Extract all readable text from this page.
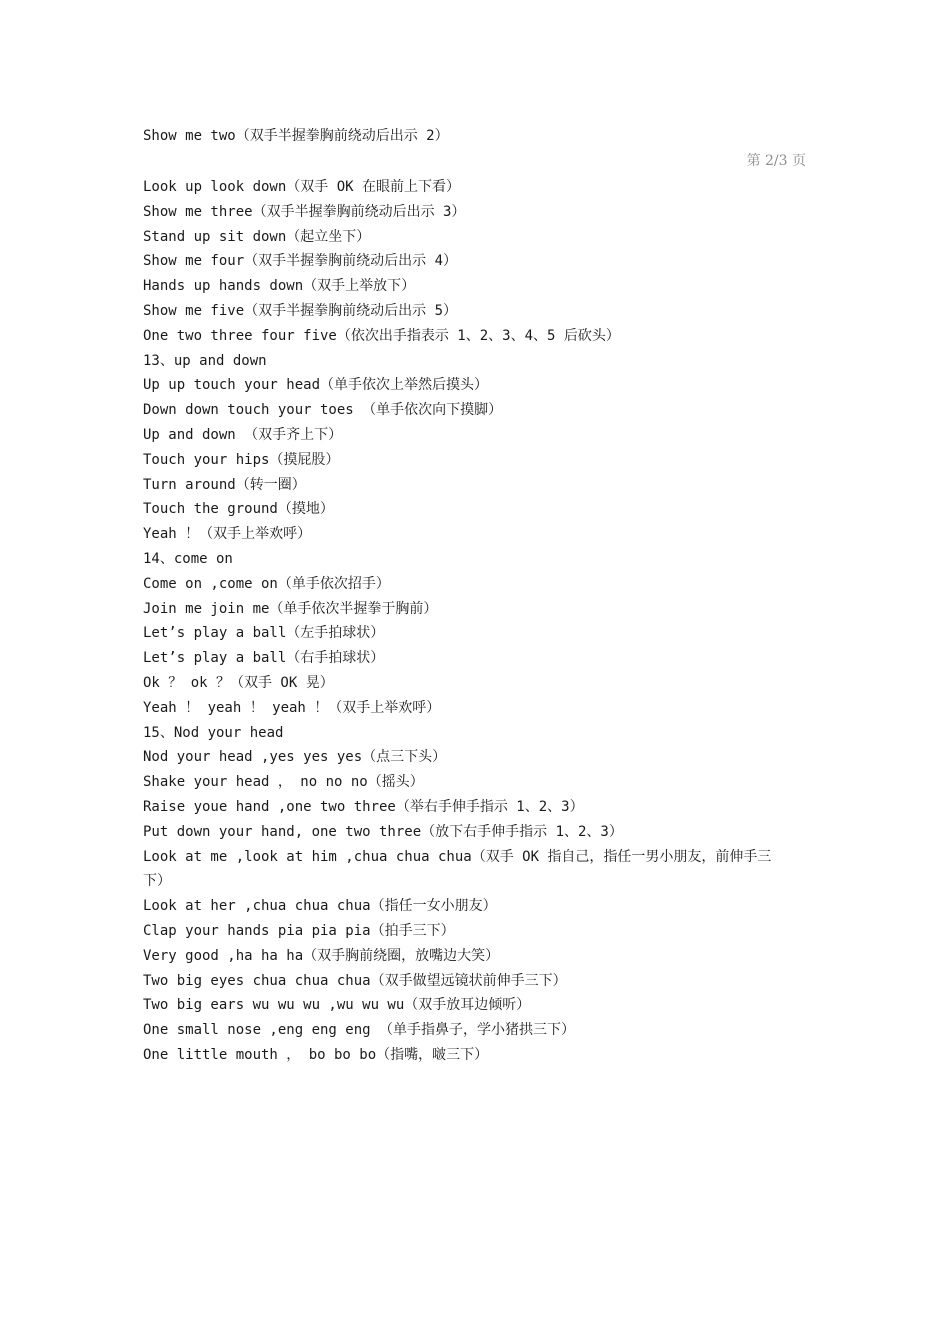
Show me two（双手半握拳胸前绕动后出示 2）
第 2/3 页
Look up look down（双手 OK 在眼前上下看）
Show me three（双手半握拳胸前绕动后出示 3）
Stand up sit down（起立坐下）
Show me four（双手半握拳胸前绕动后出示 4）
Hands up hands down（双手上举放下）
Show me five（双手半握拳胸前绕动后出示 5）
One two three four five（依次出手指表示 1、2、3、4、5 后砍头）
13、up and down
Up up touch your head（单手依次上举然后摸头）
Down down touch your toes （单手依次向下摸脚）
Up and down （双手齐上下）
Touch your hips（摸屁股）
Turn around（转一圈）
Touch the ground（摸地）
Yeah ！（双手上举欢呼）
14、come on
Come on ,come on（单手依次招手）
Join me join me（单手依次半握拳于胸前）
Let’s play a ball（左手拍球状）
Let’s play a ball（右手拍球状）
Ok ？ ok ？（双手 OK 晃）
Yeah ！ yeah ！ yeah ！（双手上举欢呼）
15、Nod your head
Nod your head ,yes yes yes（点三下头）
Shake your head ， no no no（摇头）
Raise youe hand ,one two three（举右手伸手指示 1、2、3）
Put down your hand, one two three（放下右手伸手指示 1、2、3）
Look at me ,look at him ,chua chua chua（双手 OK 指自己，指任一男小朋友，前伸手三
下）
Look at her ,chua chua chua（指任一女小朋友）
Clap your hands pia pia pia（拍手三下）
Very good ,ha ha ha（双手胸前绕圈，放嘴边大笑）
Two big eyes chua chua chua（双手做望远镜状前伸手三下）
Two big ears wu wu wu ,wu wu wu（双手放耳边倾听）
One small nose ,eng eng eng （单手指鼻子，学小猪拱三下）
One little mouth ， bo bo bo（指嘴，啵三下）
